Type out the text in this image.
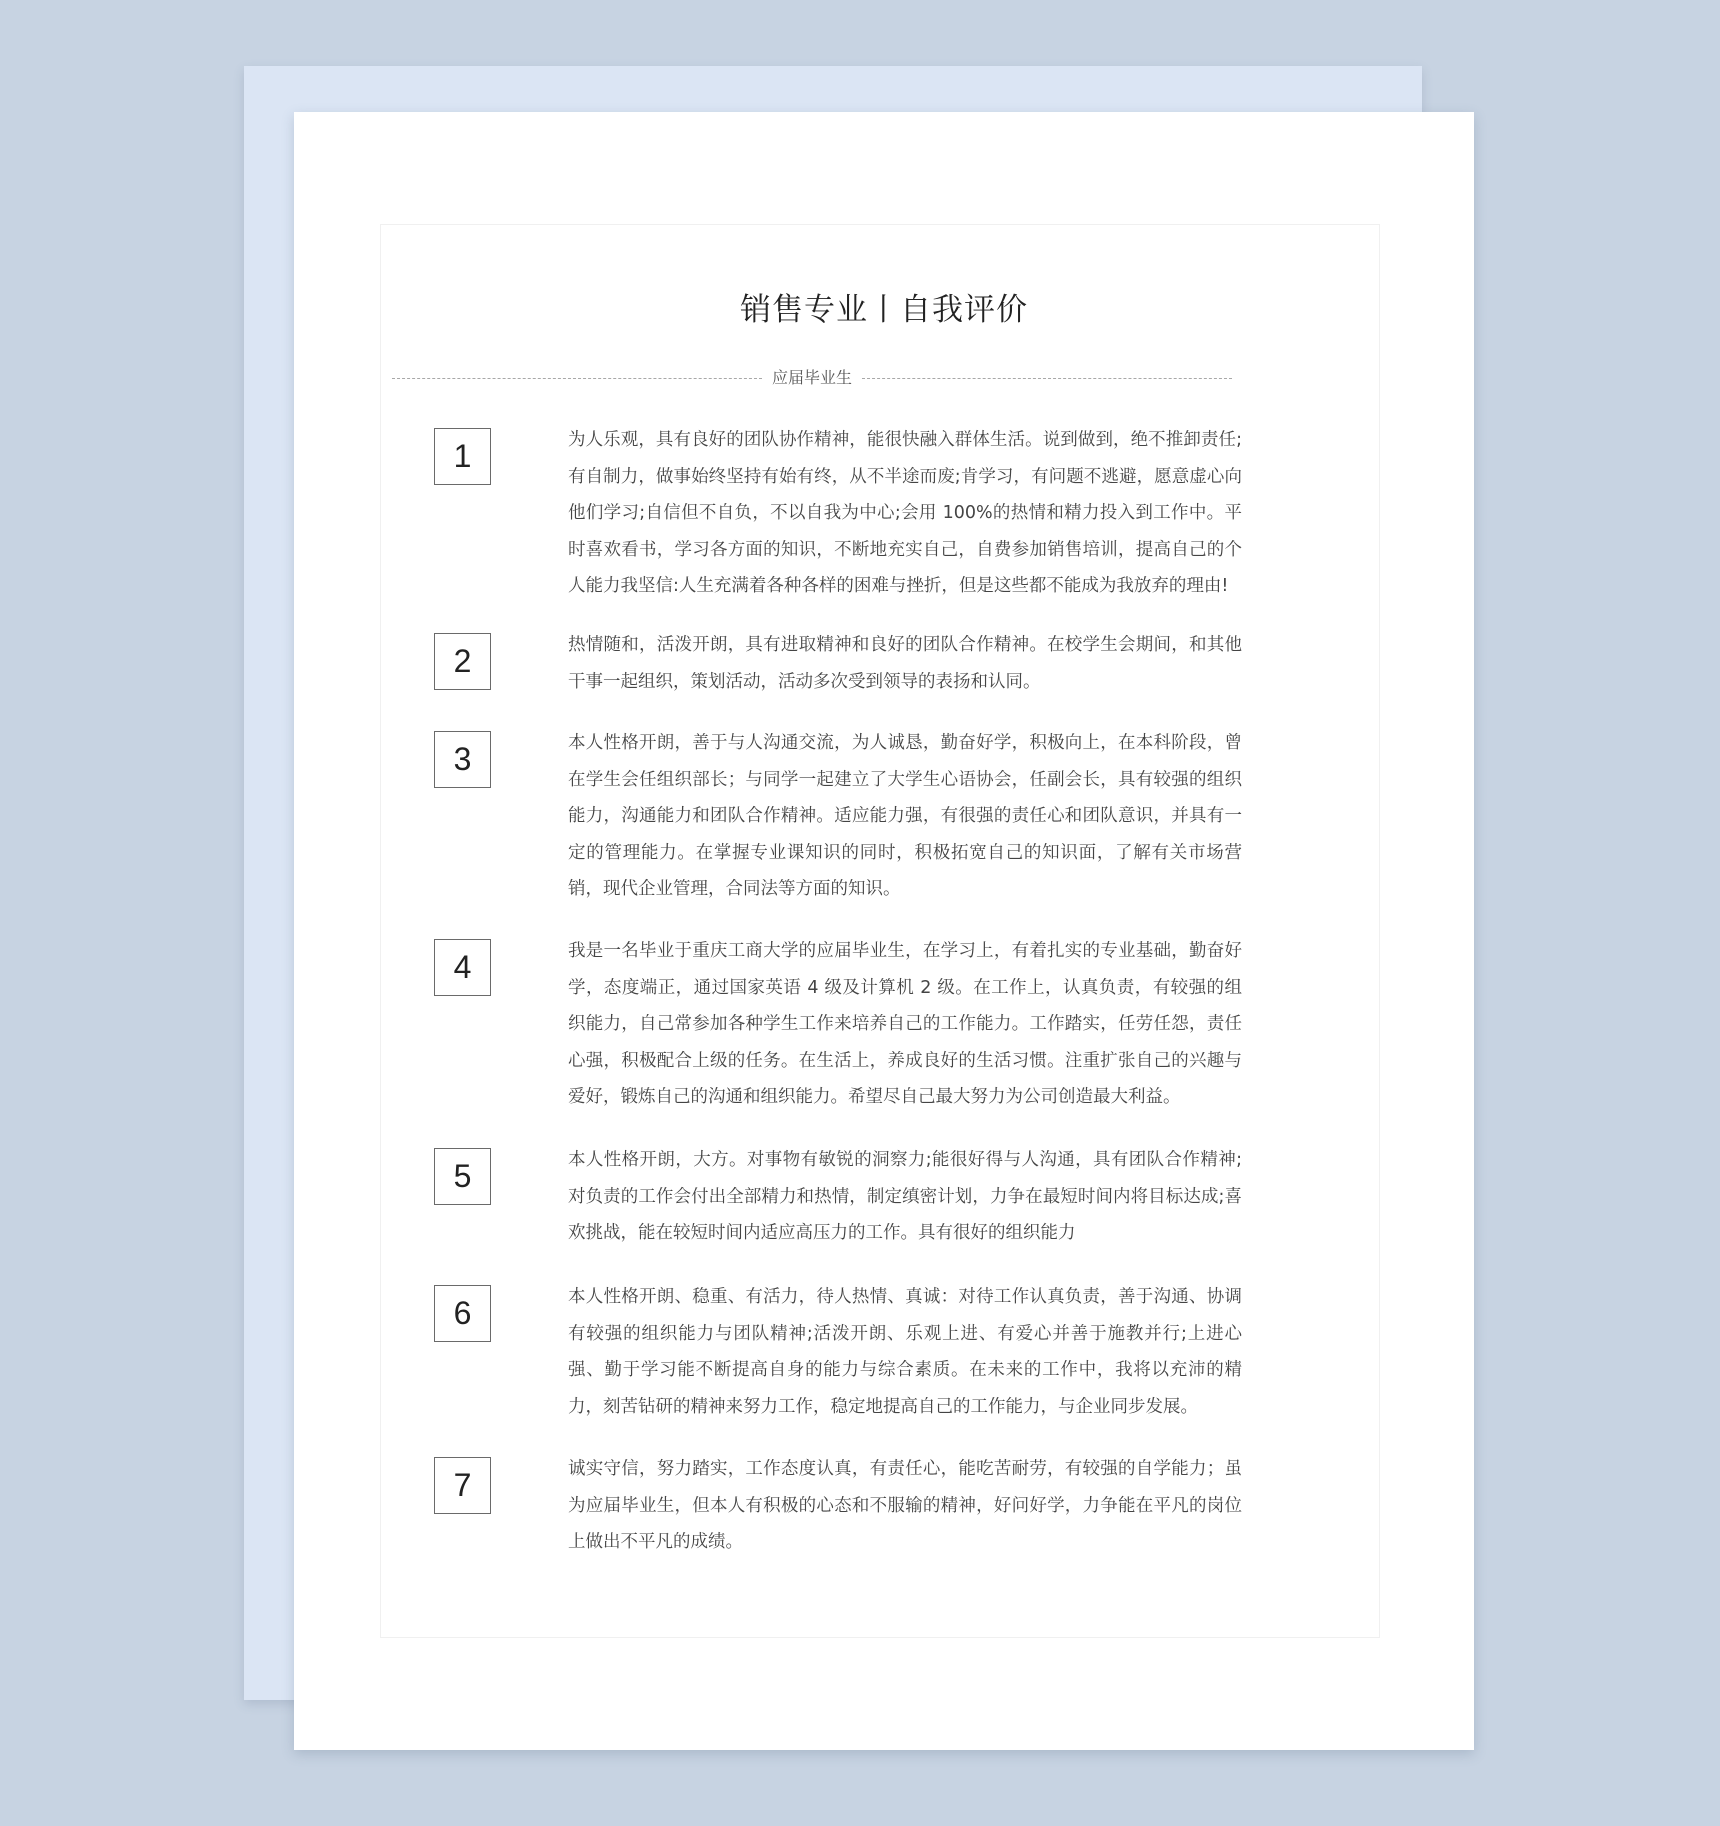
销售专业丨自我评价
应届毕业生
1	为人乐观，具有良好的团队协作精神，能很快融入群体生活。说到做到，绝不推卸责任;有自制力，做事始终坚持有始有终，从不半途而废;肯学习，有问题不逃避，愿意虚心向他们学习;自信但不自负，不以自我为中心;会用 100%的热情和精力投入到工作中。平时喜欢看书，学习各方面的知识，不断地充实自己，自费参加销售培训，提高自己的个人能力我坚信:人生充满着各种各样的困难与挫折，但是这些都不能成为我放弃的理由!

2	热情随和，活泼开朗，具有进取精神和良好的团队合作精神。在校学生会期间，和其他干事一起组织，策划活动，活动多次受到领导的表扬和认同。

3	本人性格开朗，善于与人沟通交流，为人诚恳，勤奋好学，积极向上，在本科阶段，曾在学生会任组织部长；与同学一起建立了大学生心语协会，任副会长，具有较强的组织能力，沟通能力和团队合作精神。适应能力强，有很强的责任心和团队意识，并具有一定的管理能力。在掌握专业课知识的同时，积极拓宽自己的知识面，了解有关市场营销，现代企业管理，合同法等方面的知识。

4	我是一名毕业于重庆工商大学的应届毕业生，在学习上，有着扎实的专业基础，勤奋好学，态度端正，通过国家英语 4 级及计算机 2 级。在工作上，认真负责，有较强的组织能力，自己常参加各种学生工作来培养自己的工作能力。工作踏实，任劳任怨，责任心强，积极配合上级的任务。在生活上，养成良好的生活习惯。注重扩张自己的兴趣与爱好，锻炼自己的沟通和组织能力。希望尽自己最大努力为公司创造最大利益。

5	本人性格开朗，大方。对事物有敏锐的洞察力;能很好得与人沟通，具有团队合作精神;对负责的工作会付出全部精力和热情，制定缜密计划，力争在最短时间内将目标达成;喜欢挑战，能在较短时间内适应高压力的工作。具有很好的组织能力

6	本人性格开朗、稳重、有活力，待人热情、真诚：对待工作认真负责，善于沟通、协调有较强的组织能力与团队精神;活泼开朗、乐观上进、有爱心并善于施教并行;上进心强、勤于学习能不断提高自身的能力与综合素质。在未来的工作中，我将以充沛的精力，刻苦钻研的精神来努力工作，稳定地提高自己的工作能力，与企业同步发展。

7	诚实守信，努力踏实，工作态度认真，有责任心，能吃苦耐劳，有较强的自学能力；虽为应届毕业生，但本人有积极的心态和不服输的精神，好问好学，力争能在平凡的岗位上做出不平凡的成绩。
